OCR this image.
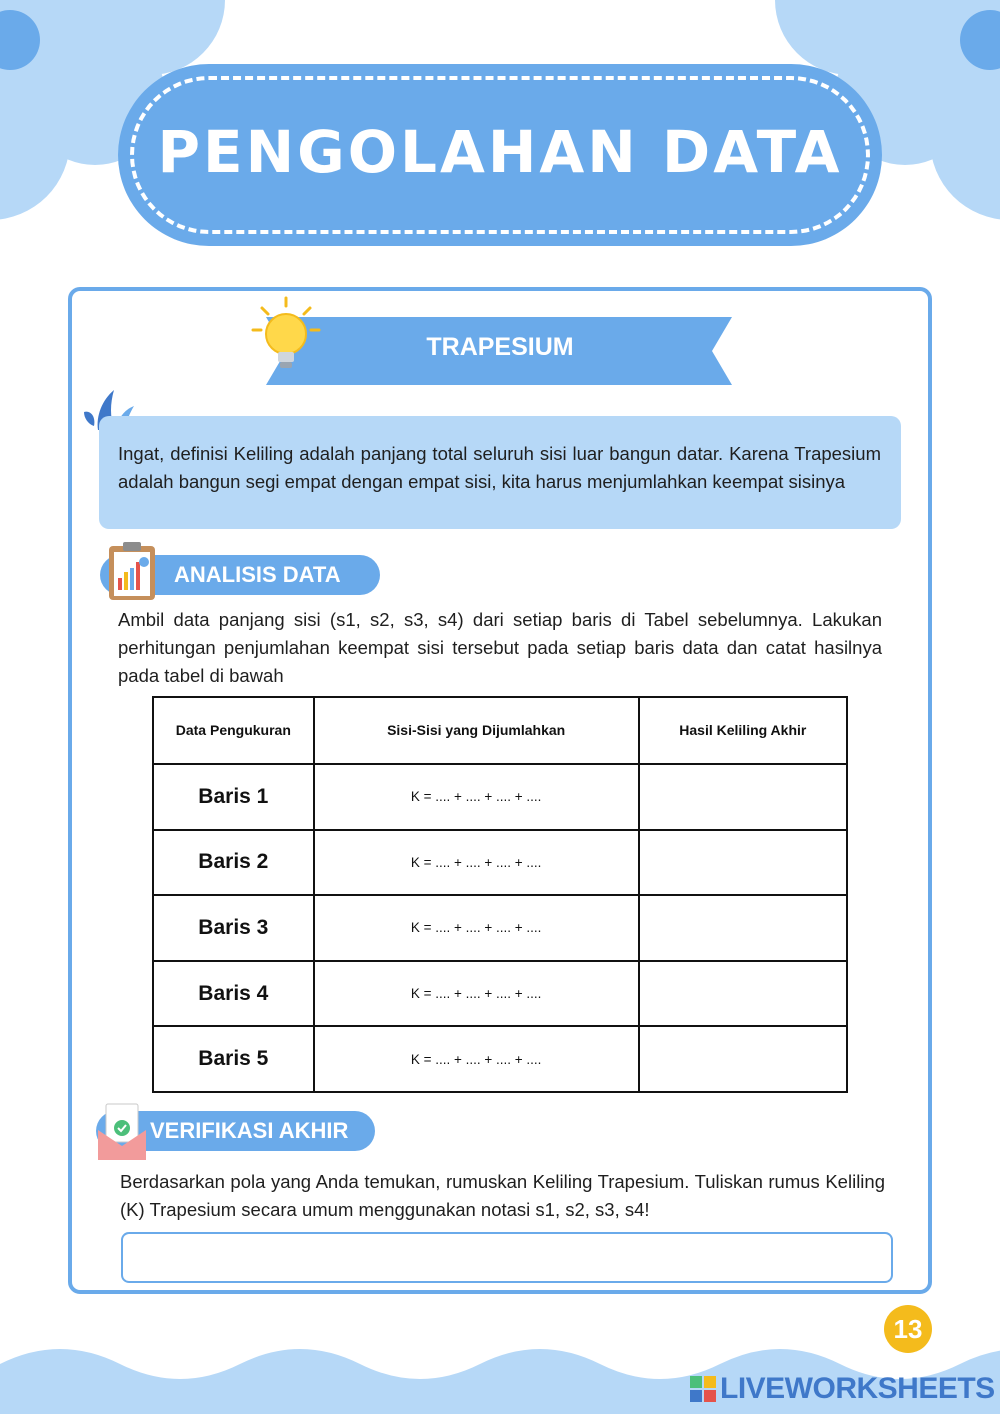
PENGOLAHAN DATA
TRAPESIUM

Ingat, definisi Keliling adalah panjang total seluruh sisi luar bangun datar. Karena Trapesium adalah bangun segi empat dengan empat sisi, kita harus menjumlahkan keempat sisinya

ANALISIS DATA
Ambil data panjang sisi (s1, s2, s3, s4) dari setiap baris di Tabel sebelumnya. Lakukan perhitungan penjumlahan keempat sisi tersebut pada setiap baris data dan catat hasilnya pada tabel di bawah
Data Pengukuran	Sisi-Sisi yang Dijumlahkan	Hasil Keliling Akhir
Baris 1	K = .... + .... + .... + ....	
Baris 2	K = .... + .... + .... + ....	
Baris 3	K = .... + .... + .... + ....	
Baris 4	K = .... + .... + .... + ....	
Baris 5	K = .... + .... + .... + ....	
VERIFIKASI AKHIR
Berdasarkan pola yang Anda temukan, rumuskan Keliling Trapesium. Tuliskan rumus Keliling (K) Trapesium secara umum menggunakan notasi s1, s2, s3, s4!
13
LIVEWORKSHEETS
